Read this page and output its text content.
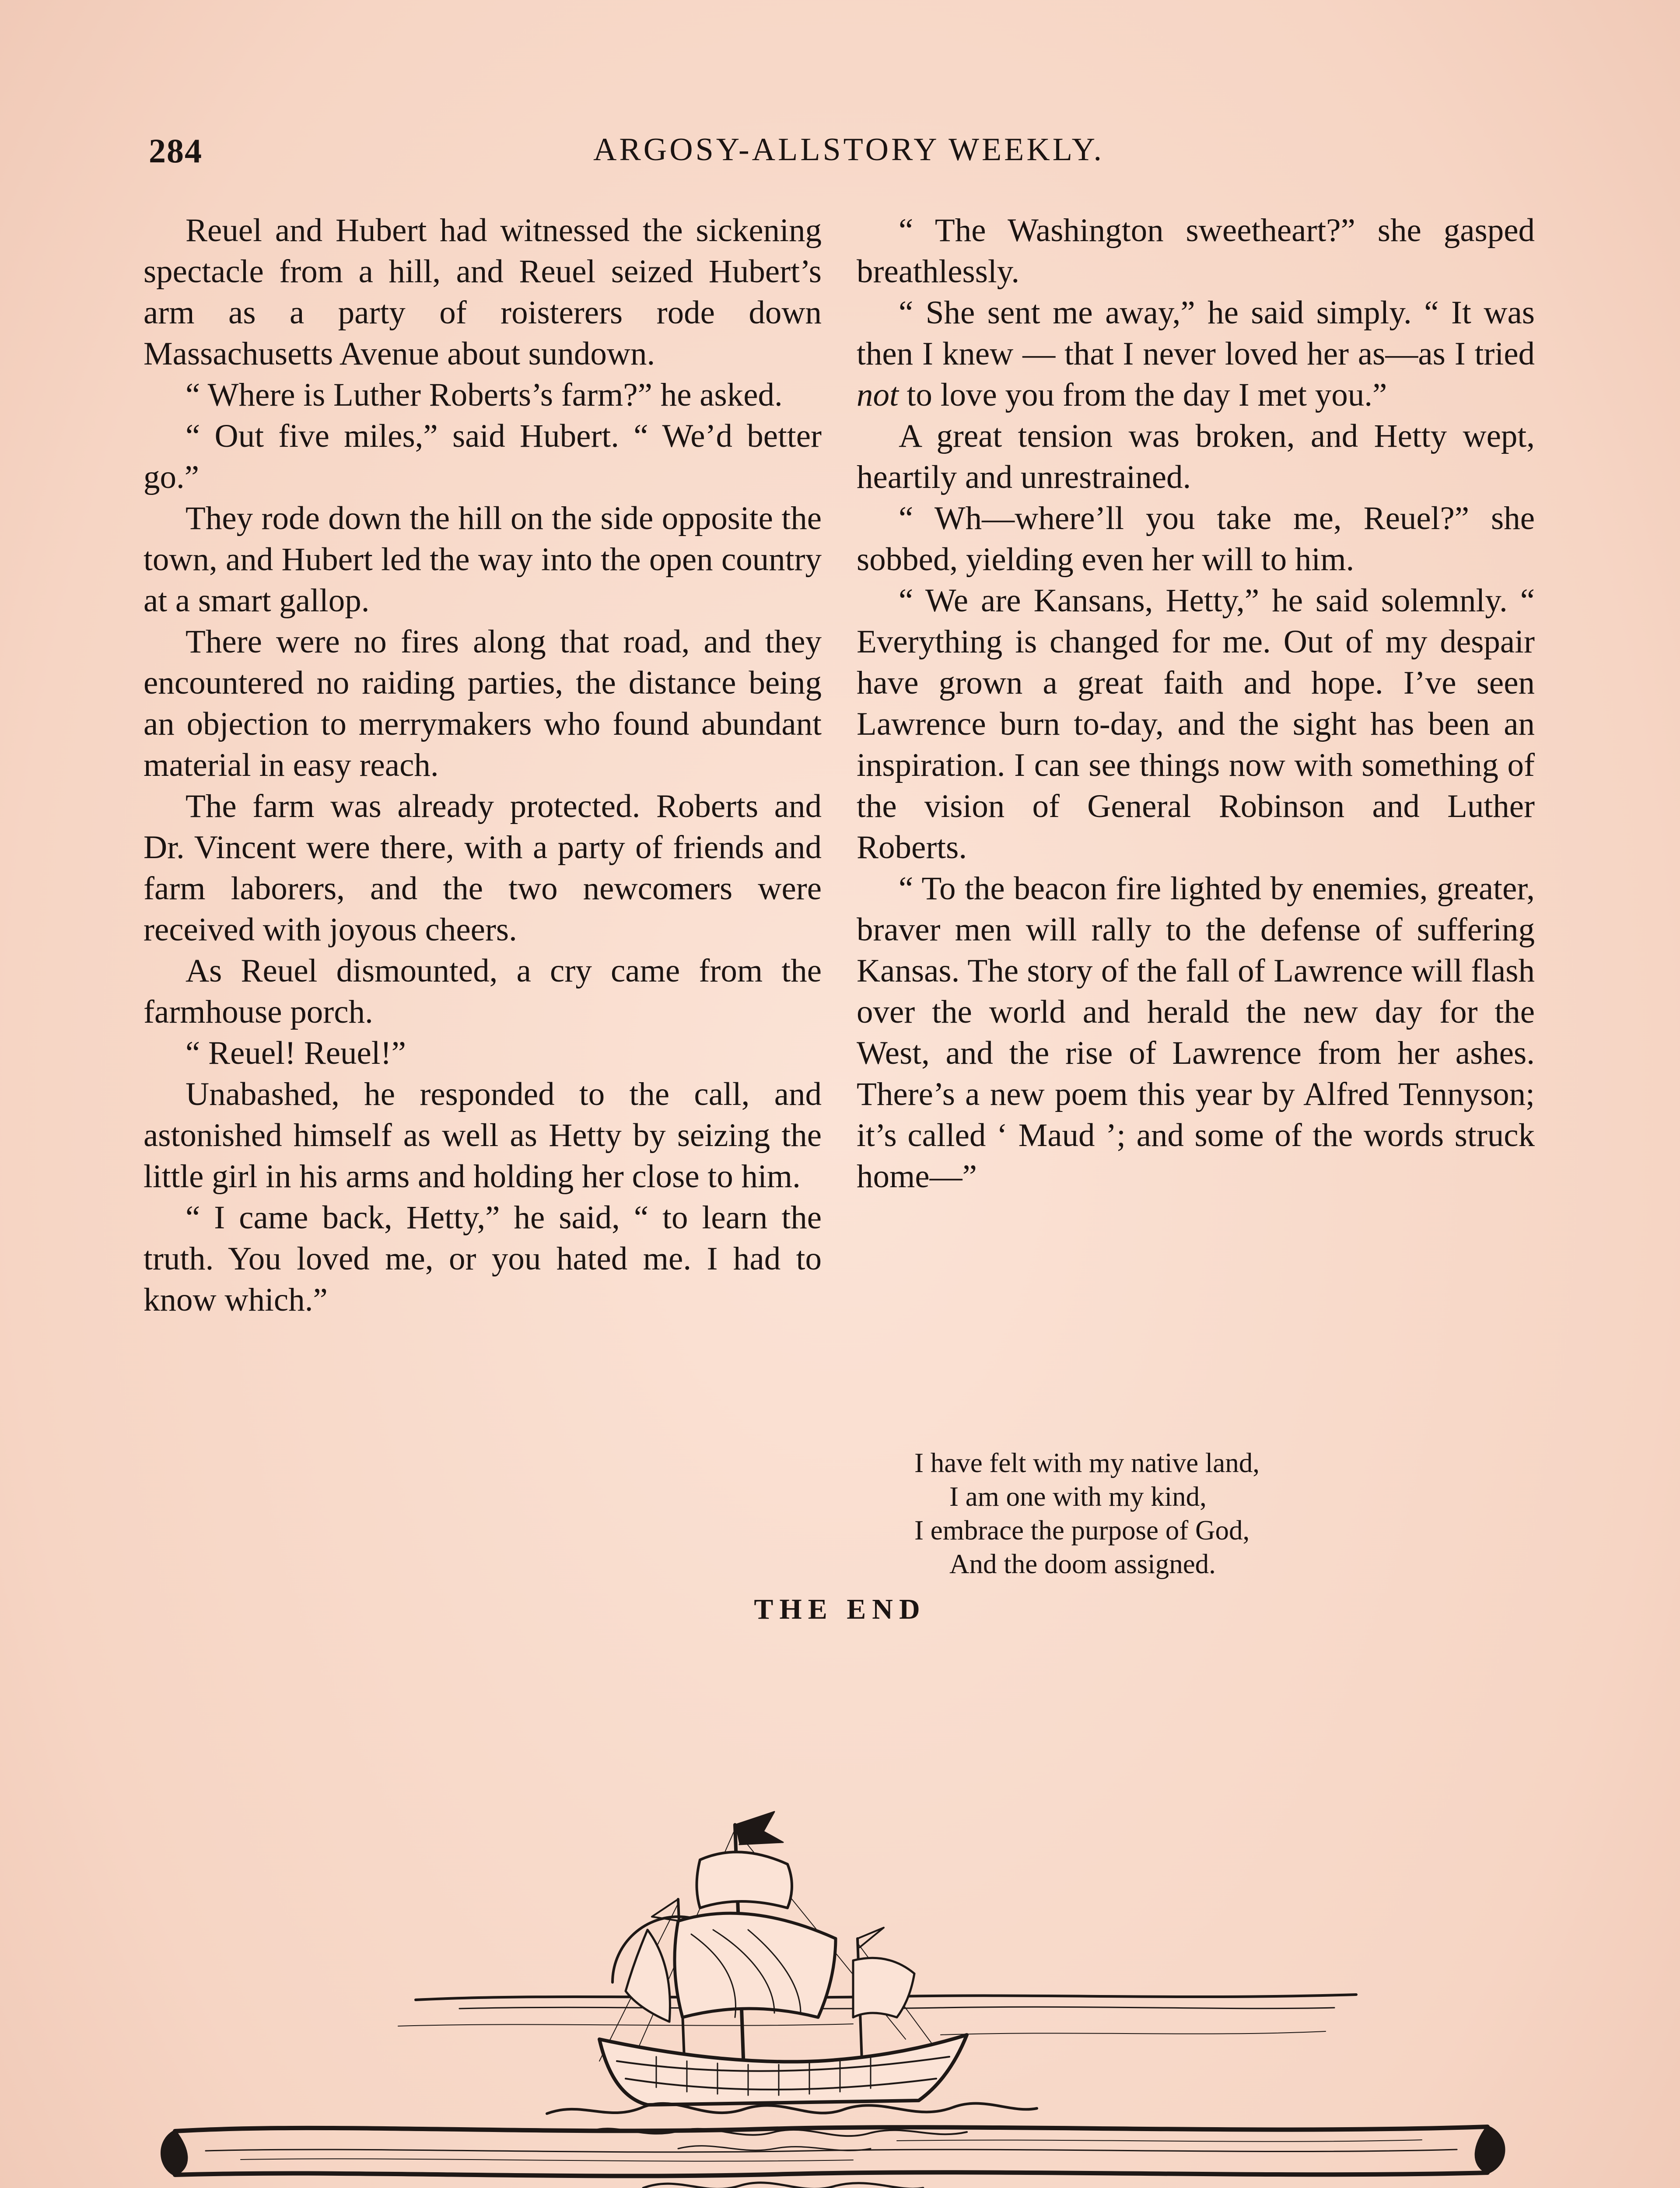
284	ARGOSY-ALLSTORY WEEKLY.

Reuel and Hubert had witnessed the sickening spectacle from a hill, and Reuel seized Hubert’s arm as a party of roisterers rode down Massachusetts Avenue about sundown.

“ Where is Luther Roberts’s farm?” he asked.

“ Out five miles,” said Hubert. “ We’d better go.”

They rode down the hill on the side opposite the town, and Hubert led the way into the open country at a smart gallop.

There were no fires along that road, and they encountered no raiding parties, the distance being an objection to merrymakers who found abundant material in easy reach.

The farm was already protected. Roberts and Dr. Vincent were there, with a party of friends and farm laborers, and the two newcomers were received with joyous cheers.

As Reuel dismounted, a cry came from the farmhouse porch.

“ Reuel! Reuel!”

Unabashed, he responded to the call, and astonished himself as well as Hetty by seizing the little girl in his arms and holding her close to him.

“ I came back, Hetty,” he said, “ to learn the truth. You loved me, or you hated me. I had to know which.”

“ The Washington sweetheart?” she gasped breathlessly.

“ She sent me away,” he said simply. “ It was then I knew — that I never loved her as—as I tried not to love you from the day I met you.”

A great tension was broken, and Hetty wept, heartily and unrestrained.

“ Wh—where’ll you take me, Reuel?” she sobbed, yielding even her will to him.

“ We are Kansans, Hetty,” he said solemnly. “ Everything is changed for me. Out of my despair have grown a great faith and hope. I’ve seen Lawrence burn to-day, and the sight has been an inspiration. I can see things now with something of the vision of General Robinson and Luther Roberts.

“ To the beacon fire lighted by enemies, greater, braver men will rally to the defense of suffering Kansas. The story of the fall of Lawrence will flash over the world and herald the new day for the West, and the rise of Lawrence from her ashes. There’s a new poem this year by Alfred Tennyson; it’s called ‘ Maud ’; and some of the words struck home—”

I have felt with my native land,
I am one with my kind,
I embrace the purpose of God,
And the doom assigned.
THE END
